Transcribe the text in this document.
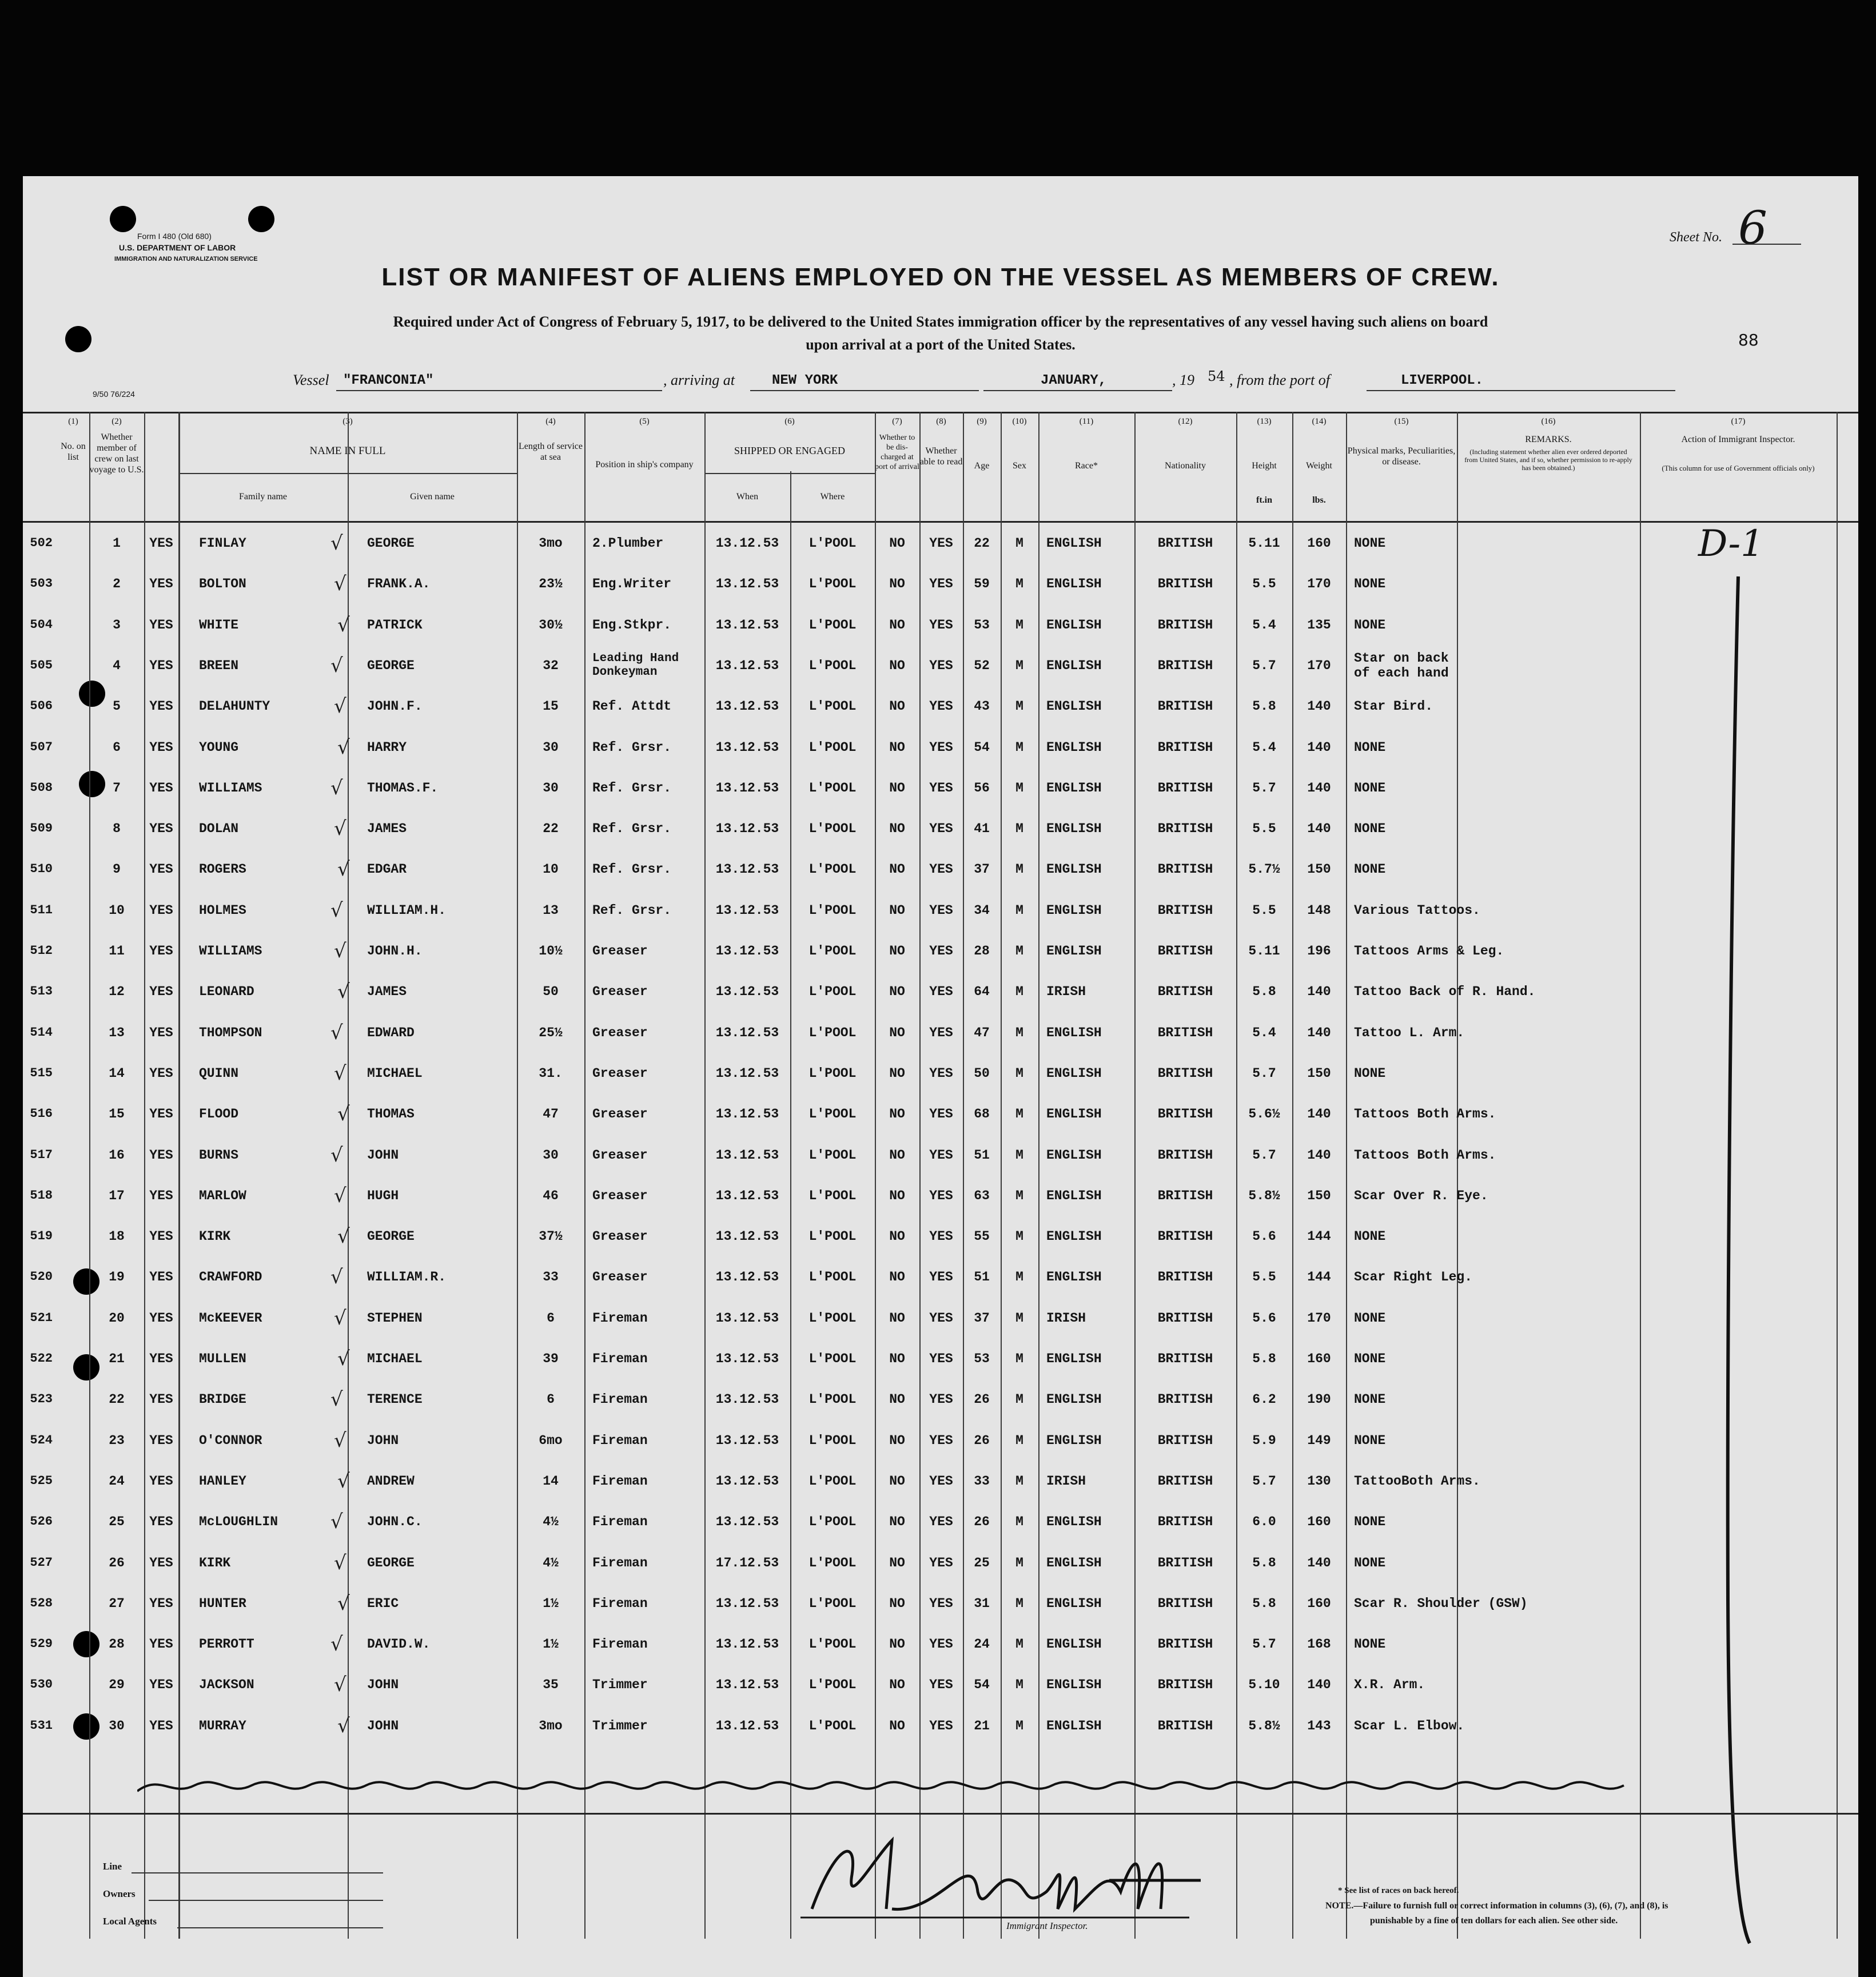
Form I 480 (Old 680)
U.S. DEPARTMENT OF LABOR
IMMIGRATION AND NATURALIZATION SERVICE
9/50 76/224
Sheet No. 6
88
LIST OR MANIFEST OF ALIENS EMPLOYED ON THE VESSEL AS MEMBERS OF CREW.
Required under Act of Congress of February 5, 1917, to be delivered to the United States immigration officer by the representatives of any vessel having such aliens on board
upon arrival at a port of the United States.
Vessel "FRANCONIA"	, arriving at	NEW YORK	JANUARY,	, 19 54 , from the port of	LIVERPOOL.
(1)	(2)	(3)	(4)	(5)	(6)	(7)	(8)	(9)	(10)	(11)	(12)	(13)	(14)	(15)	(16)	(17)
No. on list
Whether member of crew on last voyage to U.S.
NAME IN FULL
Family name	Given name
Length of service at sea
Position in ship's company
SHIPPED OR ENGAGED
When	Where
Whether to be dis- charged at port of arrival
Whether able to read	Age	Sex	Race*	Nationality	Height
ft.in
Weight
lbs.
Physical marks, Peculiarities, or disease.
REMARKS.
(Including statement whether alien ever ordered deported from United States, and if so, whether permission to re-apply has been obtained.)
Action of Immigrant Inspector.
(This column for use of Government officials only)
502	1	YES	FINLAY	GEORGE	3mo	2.Plumber	13.12.53	L'POOL	NO	YES	22	M	ENGLISH	BRITISH	5.11	160	NONE
√
503	2	YES	BOLTON	FRANK.A.	23½	Eng.Writer	13.12.53	L'POOL	NO	YES	59	M	ENGLISH	BRITISH	5.5	170	NONE
√
504	3	YES	WHITE	PATRICK	30½	Eng.Stkpr.	13.12.53	L'POOL	NO	YES	53	M	ENGLISH	BRITISH	5.4	135	NONE
√
505	4	YES	BREEN	GEORGE	32	Leading Hand Donkeyman	13.12.53	L'POOL	NO	YES	52	M	ENGLISH	BRITISH	5.7	170	Star on back of each hand
√
506	5	YES	DELAHUNTY	JOHN.F.	15	Ref. Attdt	13.12.53	L'POOL	NO	YES	43	M	ENGLISH	BRITISH	5.8	140	Star Bird.
√
507	6	YES	YOUNG	HARRY	30	Ref. Grsr.	13.12.53	L'POOL	NO	YES	54	M	ENGLISH	BRITISH	5.4	140	NONE
√
508	7	YES	WILLIAMS	THOMAS.F.	30	Ref. Grsr.	13.12.53	L'POOL	NO	YES	56	M	ENGLISH	BRITISH	5.7	140	NONE
√
509	8	YES	DOLAN	JAMES	22	Ref. Grsr.	13.12.53	L'POOL	NO	YES	41	M	ENGLISH	BRITISH	5.5	140	NONE
√
510	9	YES	ROGERS	EDGAR	10	Ref. Grsr.	13.12.53	L'POOL	NO	YES	37	M	ENGLISH	BRITISH	5.7½	150	NONE
√
511	10	YES	HOLMES	WILLIAM.H.	13	Ref. Grsr.	13.12.53	L'POOL	NO	YES	34	M	ENGLISH	BRITISH	5.5	148	Various Tattoos.
√
512	11	YES	WILLIAMS	JOHN.H.	10½	Greaser	13.12.53	L'POOL	NO	YES	28	M	ENGLISH	BRITISH	5.11	196	Tattoos Arms & Leg.
√
513	12	YES	LEONARD	JAMES	50	Greaser	13.12.53	L'POOL	NO	YES	64	M	IRISH	BRITISH	5.8	140	Tattoo Back of R. Hand.
√
514	13	YES	THOMPSON	EDWARD	25½	Greaser	13.12.53	L'POOL	NO	YES	47	M	ENGLISH	BRITISH	5.4	140	Tattoo L. Arm.
√
515	14	YES	QUINN	MICHAEL	31.	Greaser	13.12.53	L'POOL	NO	YES	50	M	ENGLISH	BRITISH	5.7	150	NONE
√
516	15	YES	FLOOD	THOMAS	47	Greaser	13.12.53	L'POOL	NO	YES	68	M	ENGLISH	BRITISH	5.6½	140	Tattoos Both Arms.
√
517	16	YES	BURNS	JOHN	30	Greaser	13.12.53	L'POOL	NO	YES	51	M	ENGLISH	BRITISH	5.7	140	Tattoos Both Arms.
√
518	17	YES	MARLOW	HUGH	46	Greaser	13.12.53	L'POOL	NO	YES	63	M	ENGLISH	BRITISH	5.8½	150	Scar Over R. Eye.
√
519	18	YES	KIRK	GEORGE	37½	Greaser	13.12.53	L'POOL	NO	YES	55	M	ENGLISH	BRITISH	5.6	144	NONE
√
520	19	YES	CRAWFORD	WILLIAM.R.	33	Greaser	13.12.53	L'POOL	NO	YES	51	M	ENGLISH	BRITISH	5.5	144	Scar Right Leg.
√
521	20	YES	McKEEVER	STEPHEN	6	Fireman	13.12.53	L'POOL	NO	YES	37	M	IRISH	BRITISH	5.6	170	NONE
√
522	21	YES	MULLEN	MICHAEL	39	Fireman	13.12.53	L'POOL	NO	YES	53	M	ENGLISH	BRITISH	5.8	160	NONE
√
523	22	YES	BRIDGE	TERENCE	6	Fireman	13.12.53	L'POOL	NO	YES	26	M	ENGLISH	BRITISH	6.2	190	NONE
√
524	23	YES	O'CONNOR	JOHN	6mo	Fireman	13.12.53	L'POOL	NO	YES	26	M	ENGLISH	BRITISH	5.9	149	NONE
√
525	24	YES	HANLEY	ANDREW	14	Fireman	13.12.53	L'POOL	NO	YES	33	M	IRISH	BRITISH	5.7	130	TattooBoth Arms.
√
526	25	YES	McLOUGHLIN	JOHN.C.	4½	Fireman	13.12.53	L'POOL	NO	YES	26	M	ENGLISH	BRITISH	6.0	160	NONE
√
527	26	YES	KIRK	GEORGE	4½	Fireman	17.12.53	L'POOL	NO	YES	25	M	ENGLISH	BRITISH	5.8	140	NONE
√
528	27	YES	HUNTER	ERIC	1½	Fireman	13.12.53	L'POOL	NO	YES	31	M	ENGLISH	BRITISH	5.8	160	Scar R. Shoulder (GSW)
√
529	28	YES	PERROTT	DAVID.W.	1½	Fireman	13.12.53	L'POOL	NO	YES	24	M	ENGLISH	BRITISH	5.7	168	NONE
√
530	29	YES	JACKSON	JOHN	35	Trimmer	13.12.53	L'POOL	NO	YES	54	M	ENGLISH	BRITISH	5.10	140	X.R. Arm.
√
531	30	YES	MURRAY	JOHN	3mo	Trimmer	13.12.53	L'POOL	NO	YES	21	M	ENGLISH	BRITISH	5.8½	143	Scar L. Elbow.
√
D-1
Line
Owners
Local Agents	Immigrant Inspector.
* See list of races on back hereof.
NOTE.—Failure to furnish full or correct information in columns (3), (6), (7), and (8), is
punishable by a fine of ten dollars for each alien. See other side.
